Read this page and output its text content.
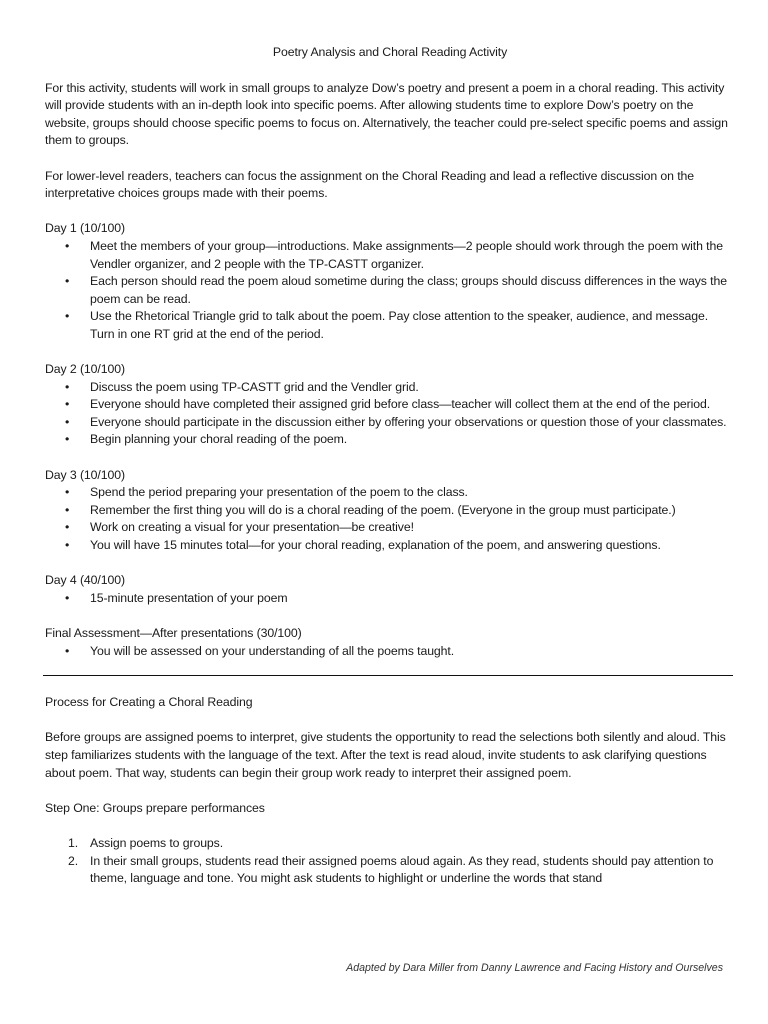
Poetry Analysis and Choral Reading Activity

For this activity, students will work in small groups to analyze Dow’s poetry and present a poem in a choral reading. This activity will provide students with an in-depth look into specific poems. After allowing students time to explore Dow’s poetry on the website, groups should choose specific poems to focus on. Alternatively, the teacher could pre-select specific poems and assign them to groups.

For lower-level readers, teachers can focus the assignment on the Choral Reading and lead a reflective discussion on the interpretative choices groups made with their poems.

Day 1 (10/100)
• Meet the members of your group—introductions. Make assignments—2 people should work through the poem with the Vendler organizer, and 2 people with the TP-CASTT organizer.
• Each person should read the poem aloud sometime during the class; groups should discuss differences in the ways the poem can be read.
• Use the Rhetorical Triangle grid to talk about the poem. Pay close attention to the speaker, audience, and message. Turn in one RT grid at the end of the period.
Day 2 (10/100)
• Discuss the poem using TP-CASTT grid and the Vendler grid.
• Everyone should have completed their assigned grid before class—teacher will collect them at the end of the period.
• Everyone should participate in the discussion either by offering your observations or question those of your classmates.
• Begin planning your choral reading of the poem.
Day 3 (10/100)
• Spend the period preparing your presentation of the poem to the class.
• Remember the first thing you will do is a choral reading of the poem. (Everyone in the group must participate.)
• Work on creating a visual for your presentation—be creative!
• You will have 15 minutes total—for your choral reading, explanation of the poem, and answering questions.
Day 4 (40/100)
• 15-minute presentation of your poem
Final Assessment—After presentations (30/100)
• You will be assessed on your understanding of all the poems taught.
Process for Creating a Choral Reading

Before groups are assigned poems to interpret, give students the opportunity to read the selections both silently and aloud. This step familiarizes students with the language of the text. After the text is read aloud, invite students to ask clarifying questions about poem. That way, students can begin their group work ready to interpret their assigned poem.

Step One: Groups prepare performances
1. Assign poems to groups.
2. In their small groups, students read their assigned poems aloud again. As they read, students should pay attention to theme, language and tone. You might ask students to highlight or underline the words that stand
Adapted by Dara Miller from Danny Lawrence and Facing History and Ourselves
